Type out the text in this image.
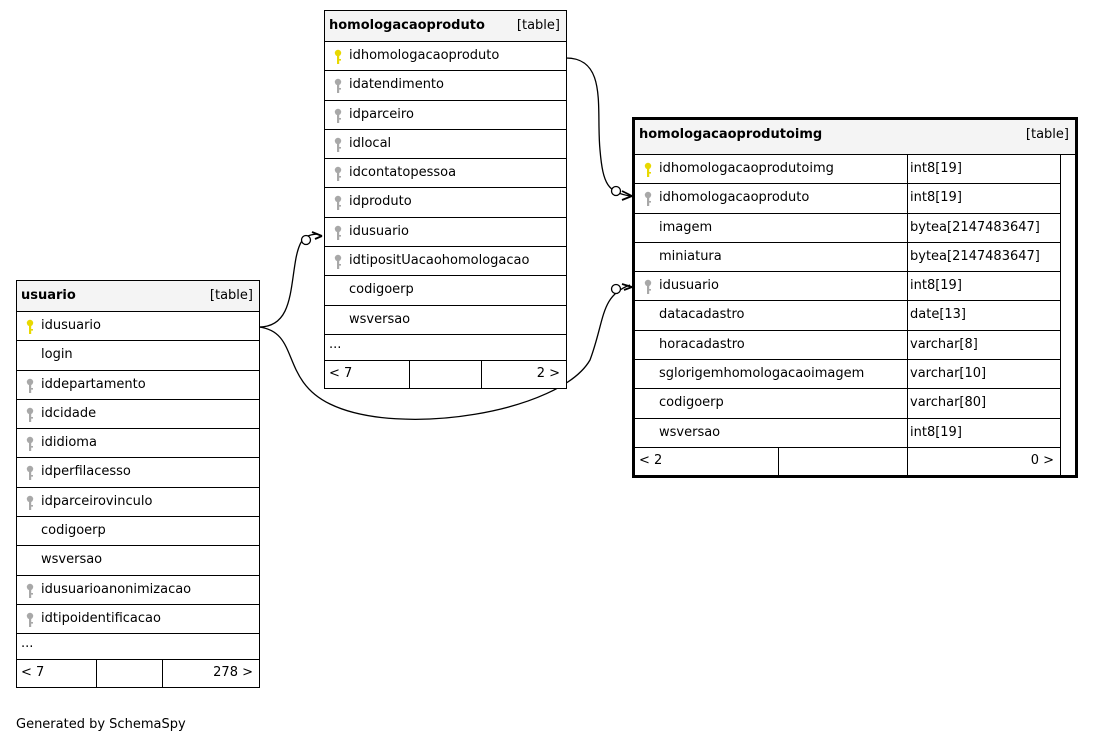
homologacaoproduto [table]
idhomologacaoproduto
idatendimento
idparceiro
idlocal
idcontatopessoa
idproduto
idusuario
idtipositUacaohomologacao
codigoerp
wsversao
...
< 7	2 >
usuario	[table]
idusuario
login
iddepartamento
idcidade
ididioma
idperfilacesso
idparceirovinculo
codigoerp
wsversao
idusuarioanonimizacao
idtipoidentificacao
...
< 7	278 >
homologacaoprodutoimg	[table]
idhomologacaoprodutoimg	int8[19]
idhomologacaoproduto	int8[19]
imagem	bytea[2147483647]
miniatura	bytea[2147483647]
idusuario	int8[19]
datacadastro	date[13]
horacadastro	varchar[8]
sglorigemhomologacaoimagem	varchar[10]
codigoerp	varchar[80]
wsversao	int8[19]
< 2	0 >
Generated by SchemaSpy
